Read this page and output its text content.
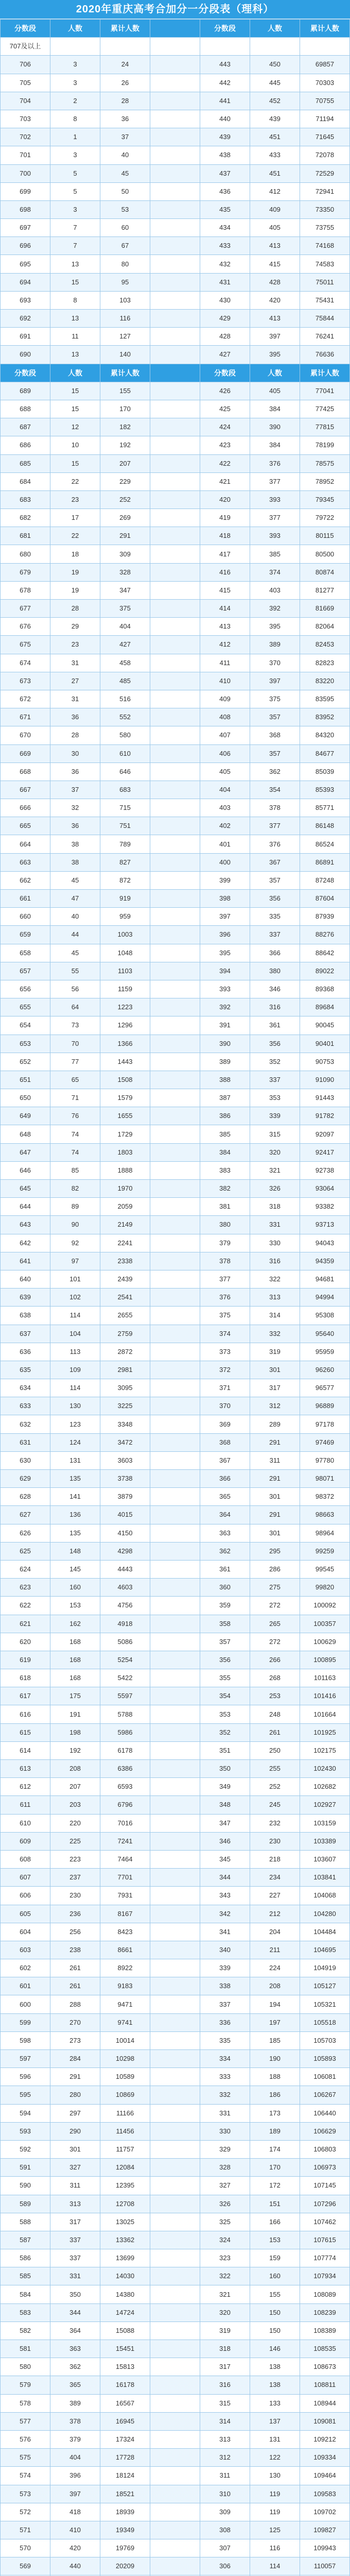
2020年重庆高考合加分一分段表（理科）
分数段	人数	累计人数		分数段	人数	累计人数
707及以上						
706	3	24		443	450	69857
705	3	26		442	445	70303
704	2	28		441	452	70755
703	8	36		440	439	71194
702	1	37		439	451	71645
701	3	40		438	433	72078
700	5	45		437	451	72529
699	5	50		436	412	72941
698	3	53		435	409	73350
697	7	60		434	405	73755
696	7	67		433	413	74168
695	13	80		432	415	74583
694	15	95		431	428	75011
693	8	103		430	420	75431
692	13	116		429	413	75844
691	11	127		428	397	76241
690	13	140		427	395	76636
分数段	人数	累计人数		分数段	人数	累计人数
689	15	155		426	405	77041
688	15	170		425	384	77425
687	12	182		424	390	77815
686	10	192		423	384	78199
685	15	207		422	376	78575
684	22	229		421	377	78952
683	23	252		420	393	79345
682	17	269		419	377	79722
681	22	291		418	393	80115
680	18	309		417	385	80500
679	19	328		416	374	80874
678	19	347		415	403	81277
677	28	375		414	392	81669
676	29	404		413	395	82064
675	23	427		412	389	82453
674	31	458		411	370	82823
673	27	485		410	397	83220
672	31	516		409	375	83595
671	36	552		408	357	83952
670	28	580		407	368	84320
669	30	610		406	357	84677
668	36	646		405	362	85039
667	37	683		404	354	85393
666	32	715		403	378	85771
665	36	751		402	377	86148
664	38	789		401	376	86524
663	38	827		400	367	86891
662	45	872		399	357	87248
661	47	919		398	356	87604
660	40	959		397	335	87939
659	44	1003		396	337	88276
658	45	1048		395	366	88642
657	55	1103		394	380	89022
656	56	1159		393	346	89368
655	64	1223		392	316	89684
654	73	1296		391	361	90045
653	70	1366		390	356	90401
652	77	1443		389	352	90753
651	65	1508		388	337	91090
650	71	1579		387	353	91443
649	76	1655		386	339	91782
648	74	1729		385	315	92097
647	74	1803		384	320	92417
646	85	1888		383	321	92738
645	82	1970		382	326	93064
644	89	2059		381	318	93382
643	90	2149		380	331	93713
642	92	2241		379	330	94043
641	97	2338		378	316	94359
640	101	2439		377	322	94681
639	102	2541		376	313	94994
638	114	2655		375	314	95308
637	104	2759		374	332	95640
636	113	2872		373	319	95959
635	109	2981		372	301	96260
634	114	3095		371	317	96577
633	130	3225		370	312	96889
632	123	3348		369	289	97178
631	124	3472		368	291	97469
630	131	3603		367	311	97780
629	135	3738		366	291	98071
628	141	3879		365	301	98372
627	136	4015		364	291	98663
626	135	4150		363	301	98964
625	148	4298		362	295	99259
624	145	4443		361	286	99545
623	160	4603		360	275	99820
622	153	4756		359	272	100092
621	162	4918		358	265	100357
620	168	5086		357	272	100629
619	168	5254		356	266	100895
618	168	5422		355	268	101163
617	175	5597		354	253	101416
616	191	5788		353	248	101664
615	198	5986		352	261	101925
614	192	6178		351	250	102175
613	208	6386		350	255	102430
612	207	6593		349	252	102682
611	203	6796		348	245	102927
610	220	7016		347	232	103159
609	225	7241		346	230	103389
608	223	7464		345	218	103607
607	237	7701		344	234	103841
606	230	7931		343	227	104068
605	236	8167		342	212	104280
604	256	8423		341	204	104484
603	238	8661		340	211	104695
602	261	8922		339	224	104919
601	261	9183		338	208	105127
600	288	9471		337	194	105321
599	270	9741		336	197	105518
598	273	10014		335	185	105703
597	284	10298		334	190	105893
596	291	10589		333	188	106081
595	280	10869		332	186	106267
594	297	11166		331	173	106440
593	290	11456		330	189	106629
592	301	11757		329	174	106803
591	327	12084		328	170	106973
590	311	12395		327	172	107145
589	313	12708		326	151	107296
588	317	13025		325	166	107462
587	337	13362		324	153	107615
586	337	13699		323	159	107774
585	331	14030		322	160	107934
584	350	14380		321	155	108089
583	344	14724		320	150	108239
582	364	15088		319	150	108389
581	363	15451		318	146	108535
580	362	15813		317	138	108673
579	365	16178		316	138	108811
578	389	16567		315	133	108944
577	378	16945		314	137	109081
576	379	17324		313	131	109212
575	404	17728		312	122	109334
574	396	18124		311	130	109464
573	397	18521		310	119	109583
572	418	18939		309	119	109702
571	410	19349		308	125	109827
570	420	19769		307	116	109943
569	440	20209		306	114	110057
